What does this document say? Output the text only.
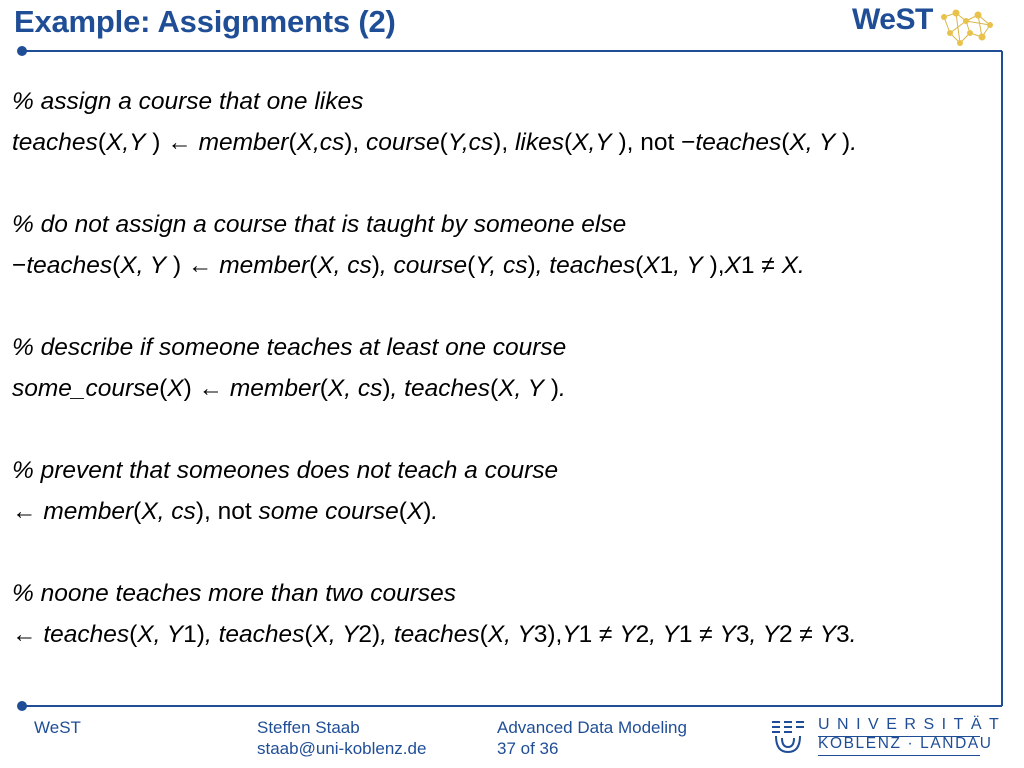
Example: Assignments (2)	WeST
% assign a course that one likes
teaches(X,Y ) ← member(X,cs), course(Y,cs), likes(X,Y ), not −teaches(X, Y ).
% do not assign a course that is taught by someone else
−teaches(X, Y ) ← member(X, cs), course(Y, cs), teaches(X1, Y ),X1 ≠ X.
% describe if someone teaches at least one course
some_course(X) ← member(X, cs), teaches(X, Y ).
% prevent that someones does not teach a course
← member(X, cs), not some course(X).
% noone teaches more than two courses
← teaches(X, Y1), teaches(X, Y2), teaches(X, Y3),Y1 ≠ Y2, Y1 ≠ Y3, Y2 ≠ Y3.
WeST	Steffen Staab
staab@uni-koblenz.de
Advanced Data Modeling
37 of 36
UNIVERSITÄT
KOBLENZ · LANDAU
